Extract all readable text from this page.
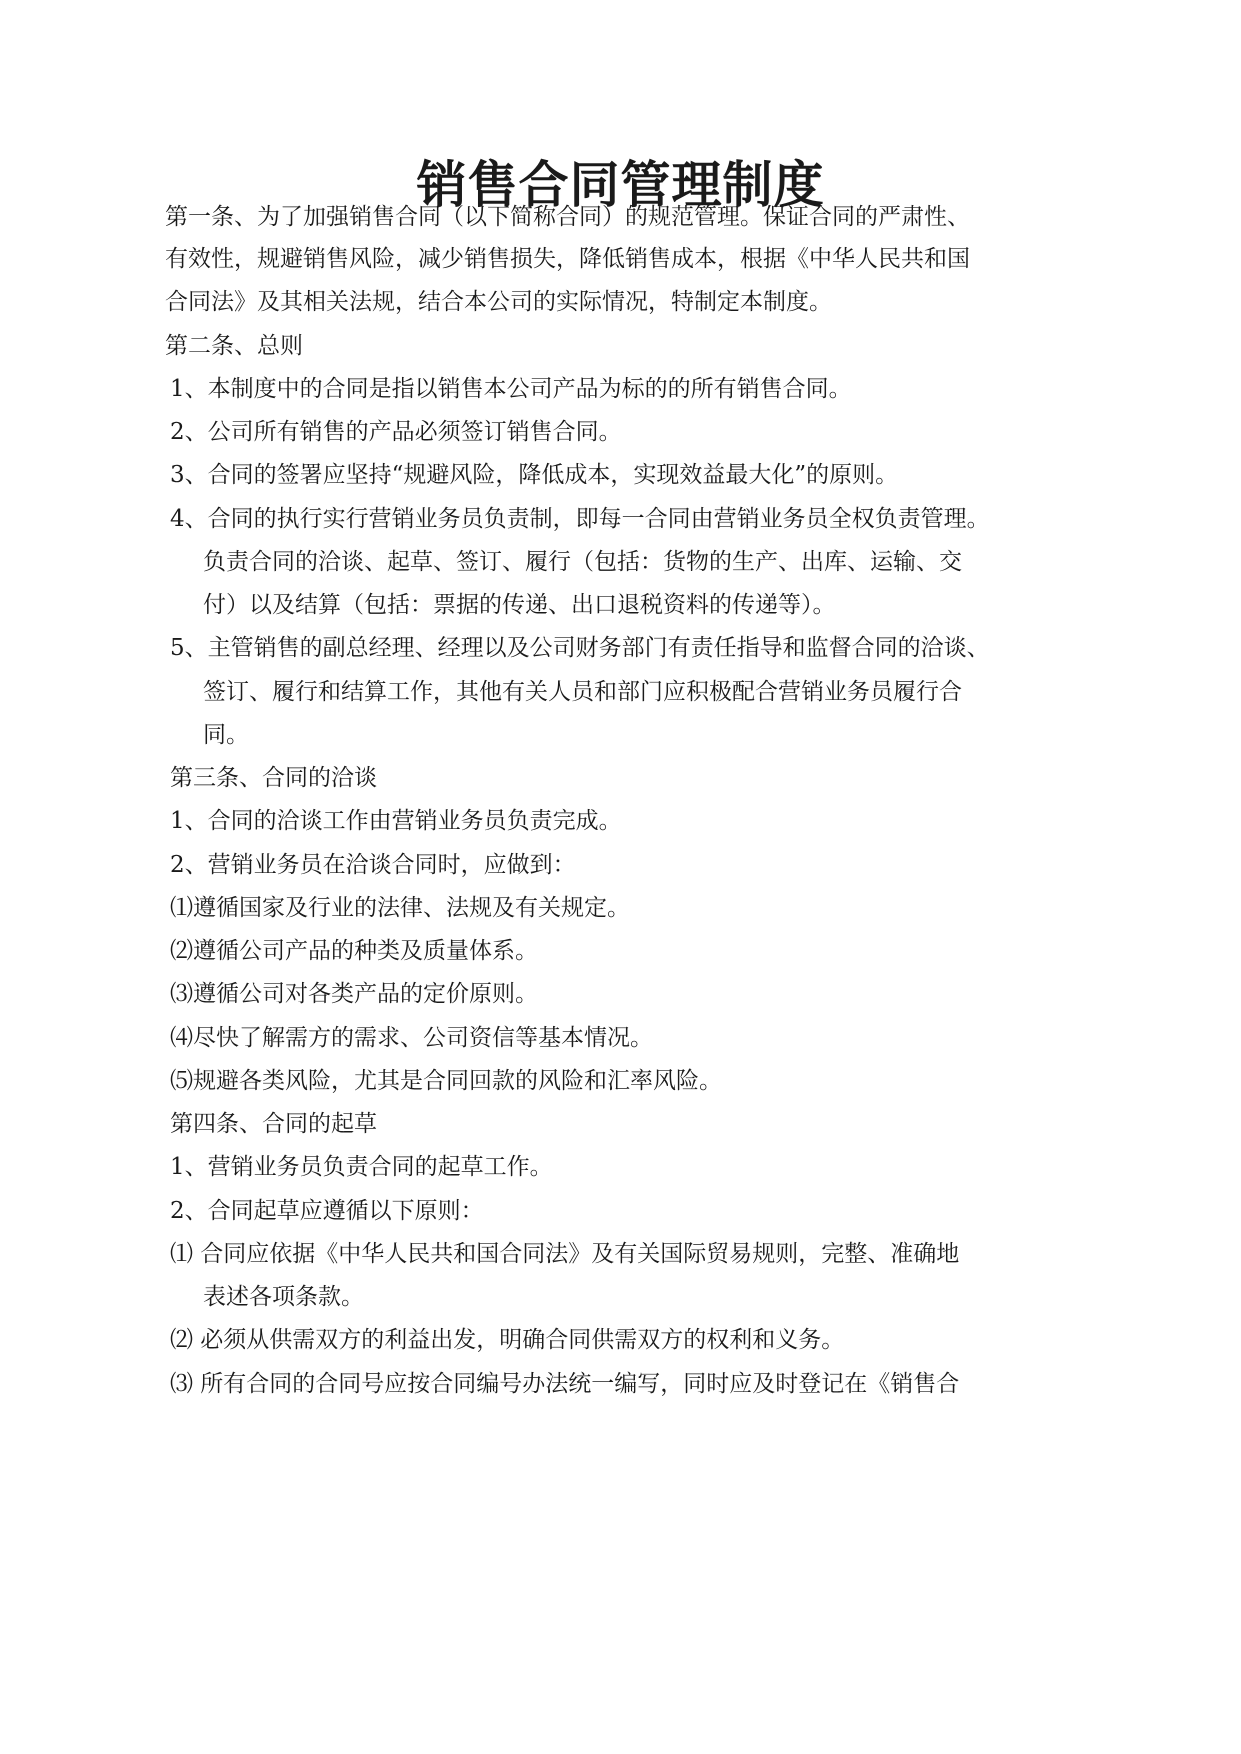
销售合同管理制度

第一条、为了加强销售合同（以下简称合同）的规范管理。保证合同的严肃性、

有效性，规避销售风险，减少销售损失，降低销售成本，根据《中华人民共和国

合同法》及其相关法规，结合本公司的实际情况，特制定本制度。

第二条、总则

1、本制度中的合同是指以销售本公司产品为标的的所有销售合同。

2、公司所有销售的产品必须签订销售合同。

3、合同的签署应坚持“规避风险，降低成本，实现效益最大化”的原则。

4、合同的执行实行营销业务员负责制，即每一合同由营销业务员全权负责管理。

负责合同的洽谈、起草、签订、履行（包括：货物的生产、出库、运输、交

付）以及结算（包括：票据的传递、出口退税资料的传递等）。

5、主管销售的副总经理、经理以及公司财务部门有责任指导和监督合同的洽谈、

签订、履行和结算工作，其他有关人员和部门应积极配合营销业务员履行合

同。

第三条、合同的洽谈

1、合同的洽谈工作由营销业务员负责完成。

2、营销业务员在洽谈合同时，应做到：

⑴遵循国家及行业的法律、法规及有关规定。

⑵遵循公司产品的种类及质量体系。

⑶遵循公司对各类产品的定价原则。

⑷尽快了解需方的需求、公司资信等基本情况。

⑸规避各类风险，尤其是合同回款的风险和汇率风险。

第四条、合同的起草

1、营销业务员负责合同的起草工作。

2、合同起草应遵循以下原则：

⑴ 合同应依据《中华人民共和国合同法》及有关国际贸易规则，完整、准确地

表述各项条款。

⑵ 必须从供需双方的利益出发，明确合同供需双方的权利和义务。

⑶ 所有合同的合同号应按合同编号办法统一编写，同时应及时登记在《销售合
